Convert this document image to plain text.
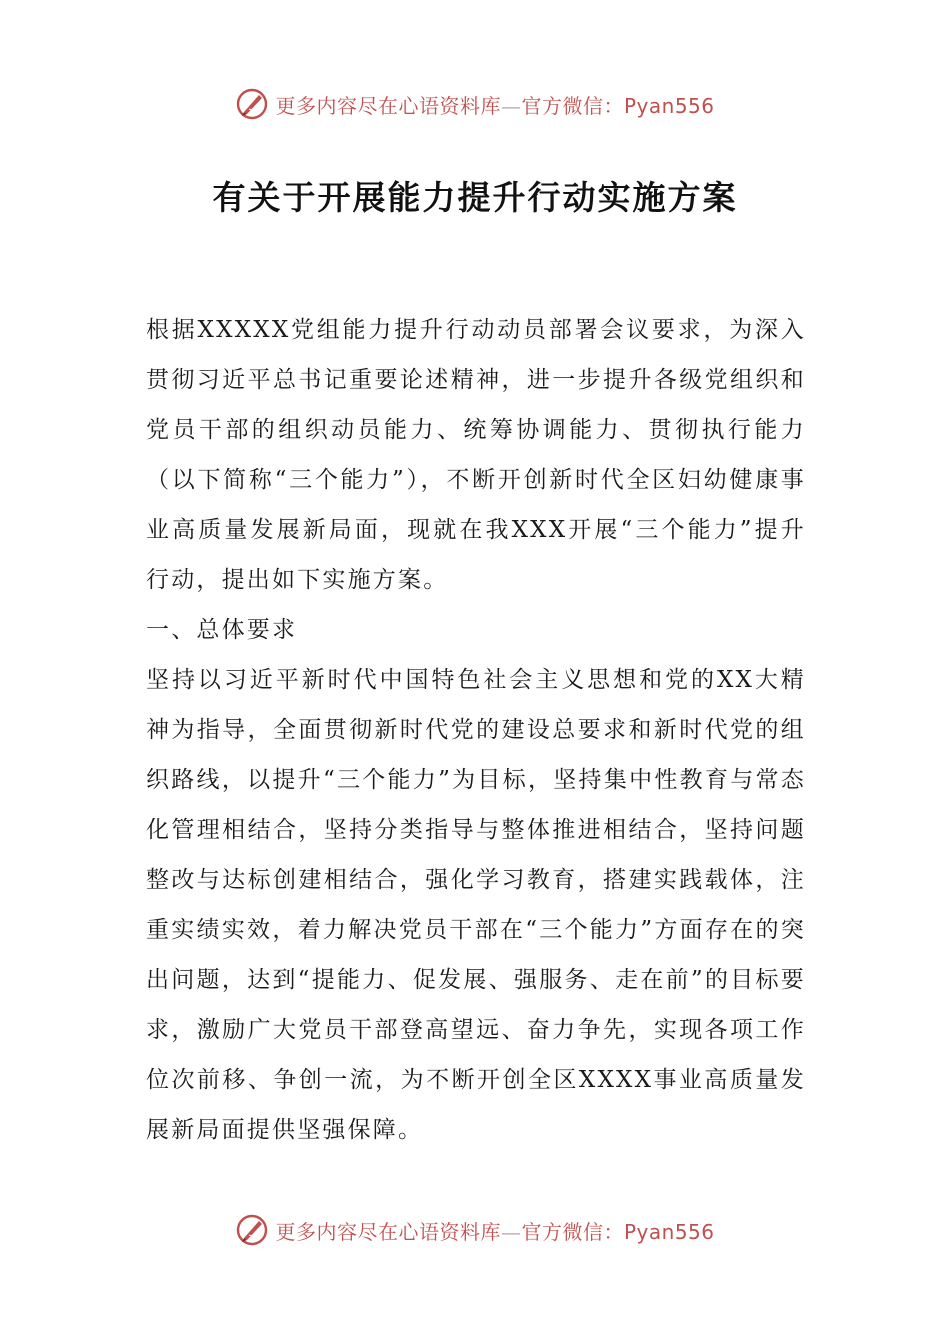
更多内容尽在心语资料库—官方微信：Pyan556
有关于开展能力提升行动实施方案

根据XXXXX党组能力提升行动动员部署会议要求，为深入贯彻习近平总书记重要论述精神，进一步提升各级党组织和党员干部的组织动员能力、统筹协调能力、贯彻执行能力（以下简称“三个能力”），不断开创新时代全区妇幼健康事业高质量发展新局面，现就在我XXX开展“三个能力”提升行动，提出如下实施方案。

一、总体要求

坚持以习近平新时代中国特色社会主义思想和党的XX大精神为指导，全面贯彻新时代党的建设总要求和新时代党的组织路线，以提升“三个能力”为目标，坚持集中性教育与常态化管理相结合，坚持分类指导与整体推进相结合，坚持问题整改与达标创建相结合，强化学习教育，搭建实践载体，注重实绩实效，着力解决党员干部在“三个能力”方面存在的突出问题，达到“提能力、促发展、强服务、走在前”的目标要求，激励广大党员干部登高望远、奋力争先，实现各项工作位次前移、争创一流，为不断开创全区XXXX事业高质量发展新局面提供坚强保障。

更多内容尽在心语资料库—官方微信：Pyan556
